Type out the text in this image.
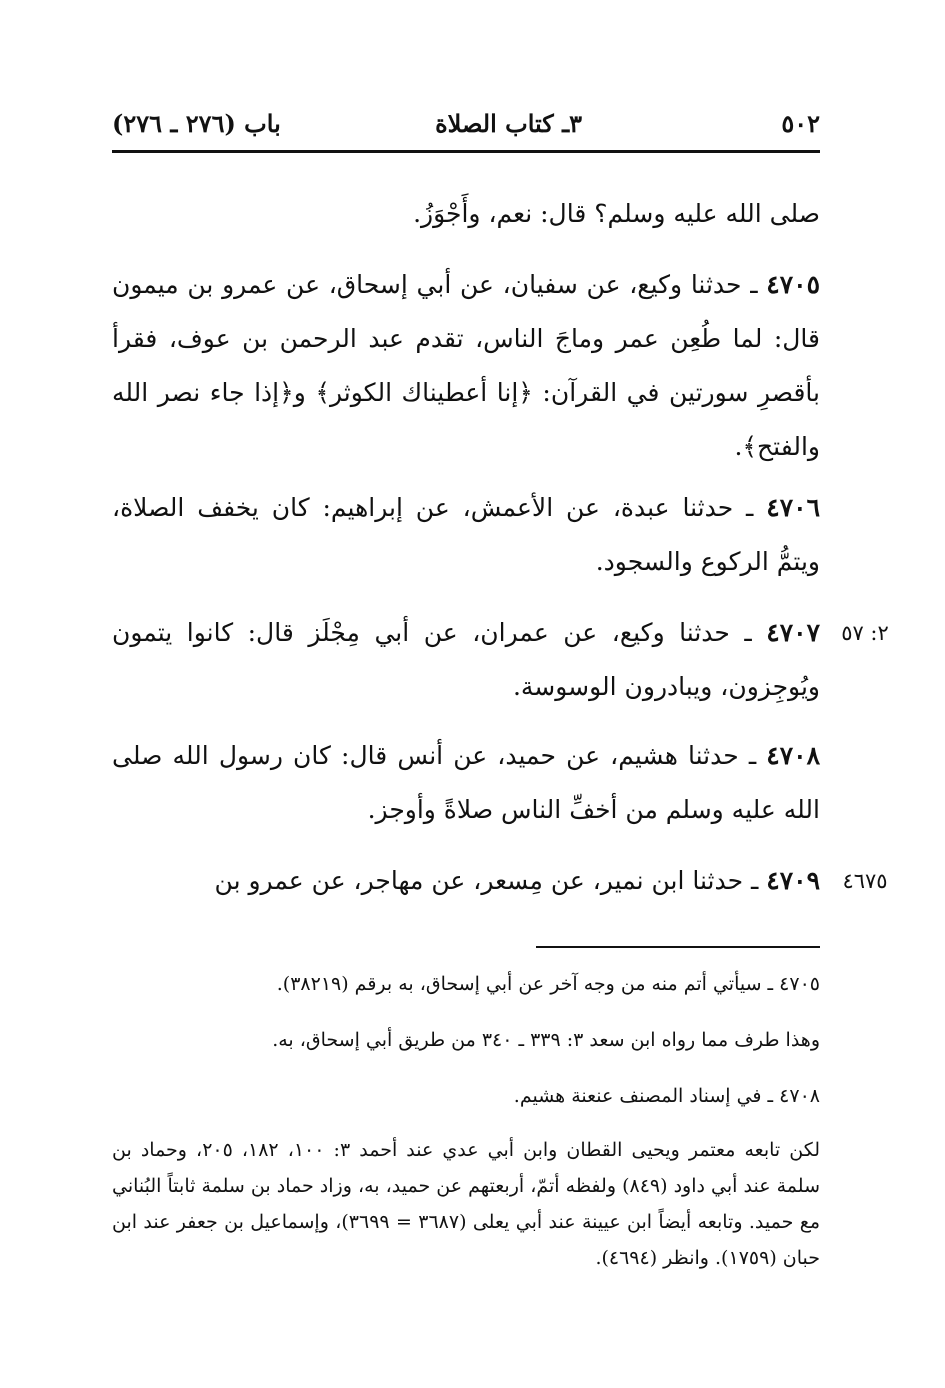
٥٠٢
٣ـ كتاب الصلاة
باب (٢٧٦ ـ ٢٧٦)
صلى الله عليه وسلم؟ قال: نعم، وأَجْوَزُ.
٤٧٠٥ ـ حدثنا وكيع، عن سفيان، عن أبي إسحاق، عن عمرو بن ميمون قال: لما طُعِن عمر وماجَ الناس، تقدم عبد الرحمن بن عوف، فقرأ بأقصرِ سورتين في القرآن: ﴿إنا أعطيناك الكوثر﴾ و﴿إذا جاء نصر الله والفتح﴾.
٤٧٠٦ ـ حدثنا عبدة، عن الأعمش، عن إبراهيم: كان يخفف الصلاة، ويتمُّ الركوع والسجود.
٤٧٠٧ ـ حدثنا وكيع، عن عمران، عن أبي مِجْلَز قال: كانوا يتمون ويُوجِزون، ويبادرون الوسوسة.
٤٧٠٨ ـ حدثنا هشيم، عن حميد، عن أنس قال: كان رسول الله صلى الله عليه وسلم من أخفِّ الناس صلاةً وأوجز.
٤٧٠٩ ـ حدثنا ابن نمير، عن مِسعر، عن مهاجر، عن عمرو بن
٢: ٥٧
٤٦٧٥
٤٧٠٥ ـ سيأتي أتم منه من وجه آخر عن أبي إسحاق، به برقم (٣٨٢١٩).
وهذا طرف مما رواه ابن سعد ٣: ٣٣٩ ـ ٣٤٠ من طريق أبي إسحاق، به.
٤٧٠٨ ـ في إسناد المصنف عنعنة هشيم.
لكن تابعه معتمر ويحيى القطان وابن أبي عدي عند أحمد ٣: ١٠٠، ١٨٢، ٢٠٥، وحماد بن سلمة عند أبي داود (٨٤٩) ولفظه أتمّ، أربعتهم عن حميد، به، وزاد حماد بن سلمة ثابتاً البُناني مع حميد. وتابعه أيضاً ابن عيينة عند أبي يعلى (٣٦٨٧ = ٣٦٩٩)، وإسماعيل بن جعفر عند ابن حبان (١٧٥٩). وانظر (٤٦٩٤).
